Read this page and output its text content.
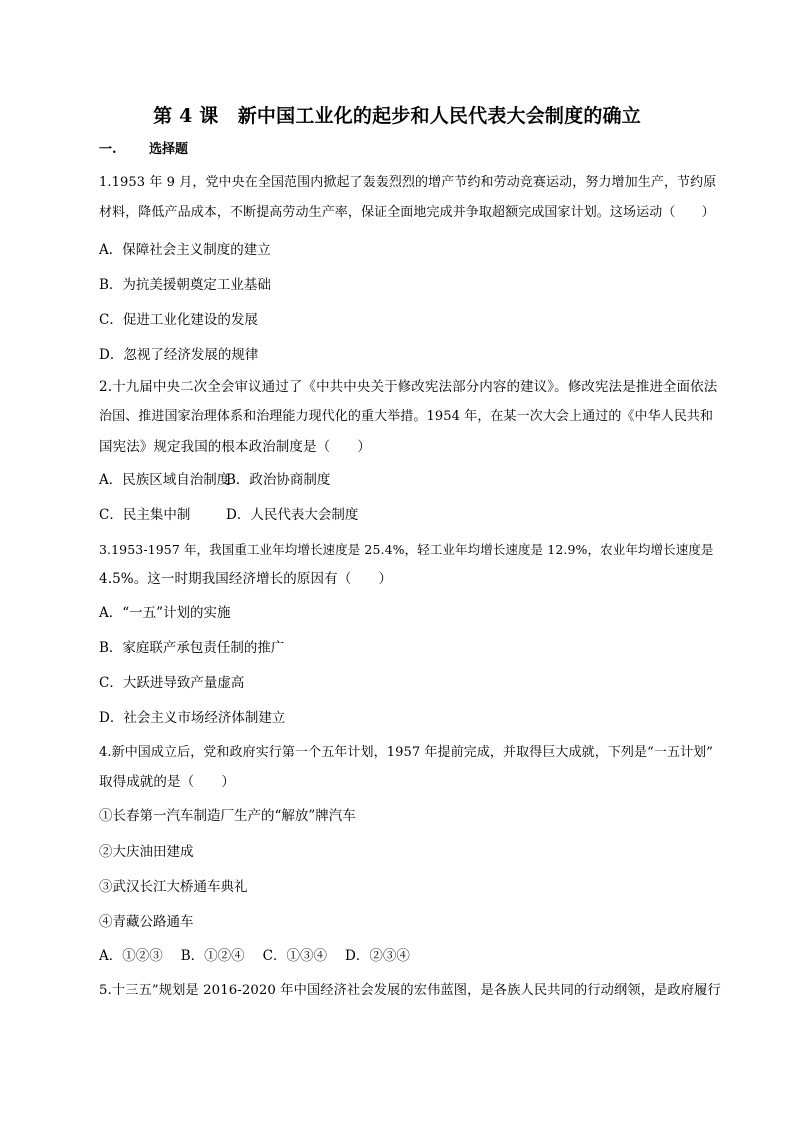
第 4 课　新中国工业化的起步和人民代表大会制度的确立
一. 选择题
1.1953 年 9 月，党中央在全国范围内掀起了轰轰烈烈的增产节约和劳动竞赛运动，努力增加生产，节约原
材料，降低产品成本，不断提高劳动生产率，保证全面地完成并争取超额完成国家计划。这场运动（　　）
A．保障社会主义制度的建立
B．为抗美援朝奠定工业基础
C．促进工业化建设的发展
D．忽视了经济发展的规律
2.十九届中央二次全会审议通过了《中共中央关于修改宪法部分内容的建议》。修改宪法是推进全面依法
治国、推进国家治理体系和治理能力现代化的重大举措。1954 年，在某一次大会上通过的《中华人民共和
国宪法》规定我国的根本政治制度是（　　）
A．民族区域自治制度B．政治协商制度
C．民主集中制	D．人民代表大会制度
3.1953-1957 年，我国重工业年均增长速度是 25.4%，轻工业年均增长速度是 12.9%，农业年均增长速度是
4.5%。这一时期我国经济增长的原因有（　　）
A．“一五”计划的实施
B．家庭联产承包责任制的推广
C．大跃进导致产量虚高
D．社会主义市场经济体制建立
4.新中国成立后，党和政府实行第一个五年计划，1957 年提前完成，并取得巨大成就，下列是“一五计划”
取得成就的是（　　）
①长春第一汽车制造厂生产的“解放”牌汽车
②大庆油田建成
③武汉长江大桥通车典礼
④青藏公路通车
A．①②③ B．①②④ C．①③④ D．②③④
5.十三五”规划是 2016-2020 年中国经济社会发展的宏伟蓝图，是各族人民共同的行动纲领，是政府履行
